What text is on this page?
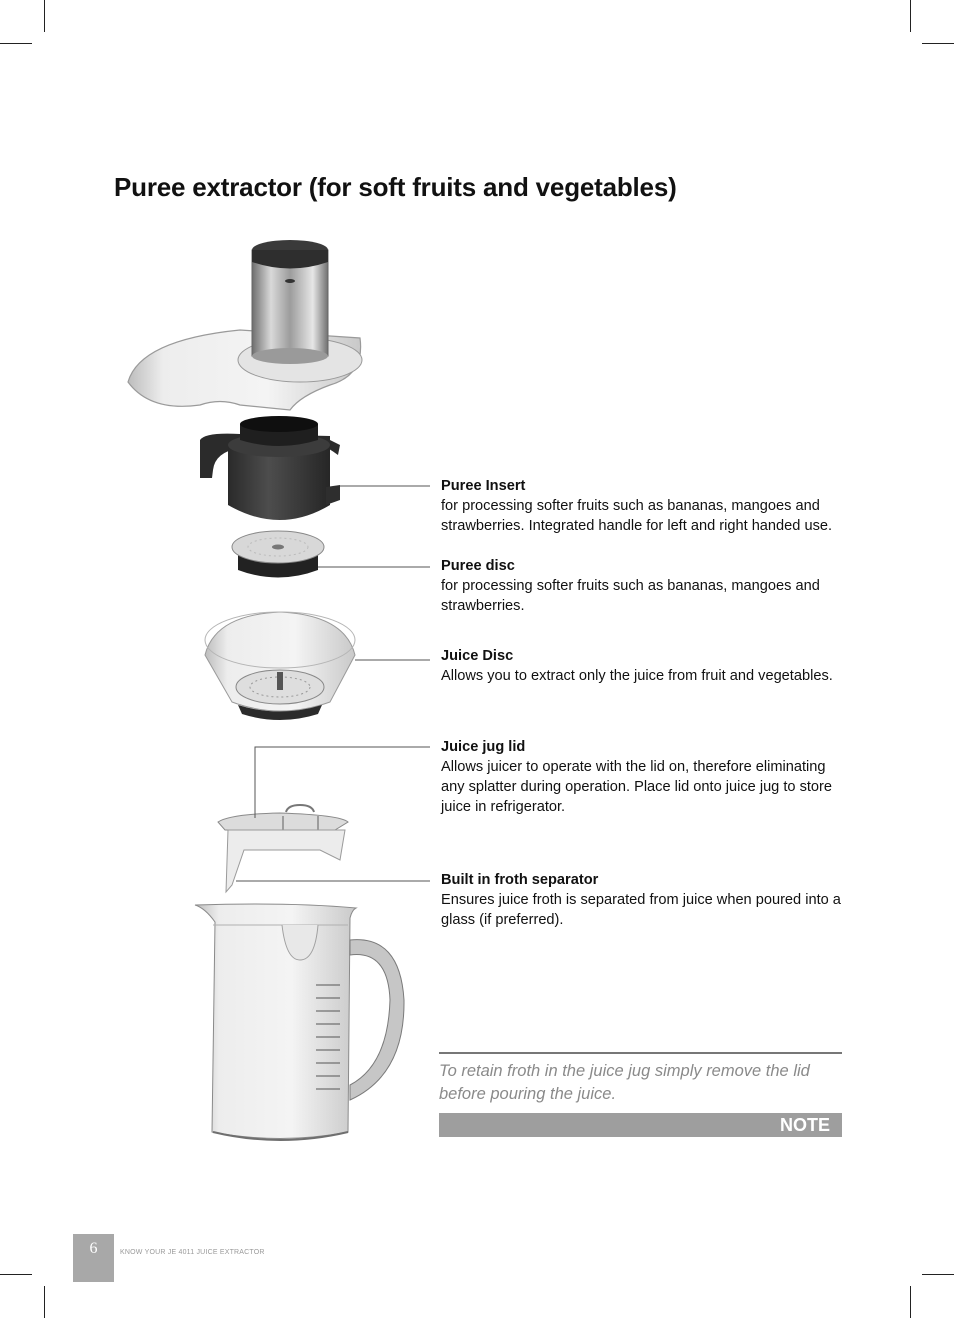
Puree extractor (for soft fruits and vegetables)
Puree Insert
for processing softer fruits such as bananas, mangoes and strawberries. Integrated handle for left and right handed use.
Puree disc
for processing softer fruits such as bananas, mangoes and strawberries.
Juice Disc
Allows you to extract only the juice from fruit and vegetables.
Juice jug lid
Allows juicer to operate with the lid on, therefore eliminating any splatter during operation. Place lid onto juice jug to store juice in refrigerator.
Built in froth separator
Ensures juice froth is separated from juice when poured into a glass (if preferred).
To retain froth in the juice jug simply remove the lid before pouring the juice.
NOTE
6	KNOW YOUR JE 4011 JUICE EXTRACTOR
